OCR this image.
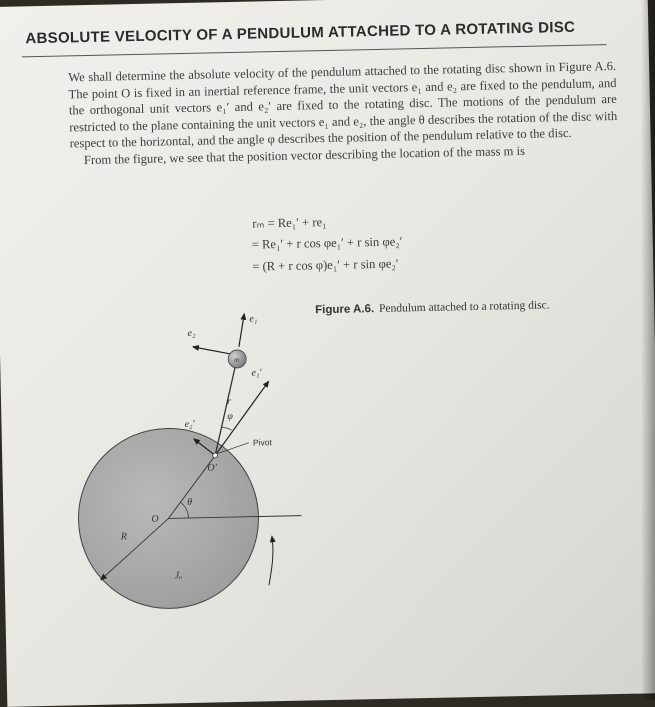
ABSOLUTE VELOCITY OF A PENDULUM ATTACHED TO A ROTATING DISC

We shall determine the absolute velocity of the pendulum attached to the rotating disc shown in Figure A.6. The point O is fixed in an inertial reference frame, the unit vectors e₁ and e₂ are fixed to the pendulum, and the orthogonal unit vectors e₁′ and e₂′ are fixed to the rotating disc. The motions of the pendulum are restricted to the plane containing the unit vectors e₁ and e₂, the angle θ describes the rotation of the disc with respect to the horizontal, and the angle φ describes the position of the pendulum relative to the disc.

From the figure, we see that the position vector describing the location of the mass m is

rₘ = Re₁′ + re₁
= Re₁′ + r cos φe₁′ + r sin φe₂′
= (R + r cos φ)e₁′ + r sin φe₂′
Figure A.6. Pendulum attached to a rotating disc.
e₁
e₂
e₁′
e₂′
m
r
φ
Pivot
O′
θ
O
R
Jₒ
